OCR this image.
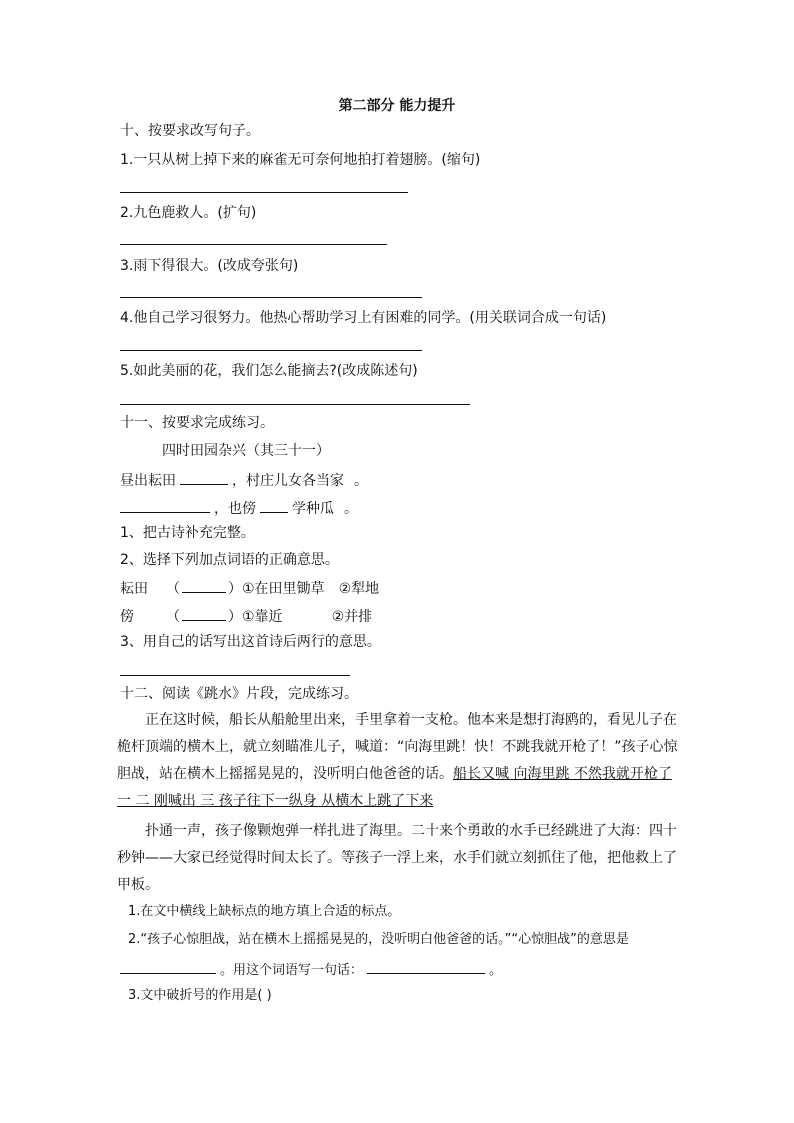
第二部分 能力提升
十、按要求改写句子。
1.一只从树上掉下来的麻雀无可奈何地拍打着翅膀。(缩句)
2.九色鹿救人。(扩句)
3.雨下得很大。(改成夸张句)
4.他自己学习很努力。他热心帮助学习上有困难的同学。(用关联词合成一句话)
5.如此美丽的花，我们怎么能摘去?(改成陈述句)
十一、按要求完成练习。
四时田园杂兴（其三十一）
昼出耘田	，村庄儿女各当家 。
，也傍	学种瓜 。
1、把古诗补充完整。
2、选择下列加点词语的正确意思。
耘田 （	）①在田里锄草 ②犁地
傍 （	）①靠近	②并排
3、用自己的话写出这首诗后两行的意思。
十二、阅读《跳水》片段，完成练习。
正在这时候，船长从船舱里出来，手里拿着一支枪。他本来是想打海鸥的，看见儿子在桅杆顶端的横木上，就立刻瞄准儿子，喊道：“向海里跳！快！不跳我就开枪了！”孩子心惊胆战，站在横木上摇摇晃晃的，没听明白他爸爸的话。船长又喊 向海里跳 不然我就开枪了 一 二 刚喊出 三 孩子往下一纵身 从横木上跳了下来
扑通一声，孩子像颗炮弹一样扎进了海里。二十来个勇敢的水手已经跳进了大海：四十秒钟——大家已经觉得时间太长了。等孩子一浮上来，水手们就立刻抓住了他，把他救上了甲板。
1.在文中横线上缺标点的地方填上合适的标点。
2.“孩子心惊胆战，站在横木上摇摇晃晃的，没听明白他爸爸的话。”“心惊胆战”的意思是
。用这个词语写一句话：	。
3.文中破折号的作用是( )
